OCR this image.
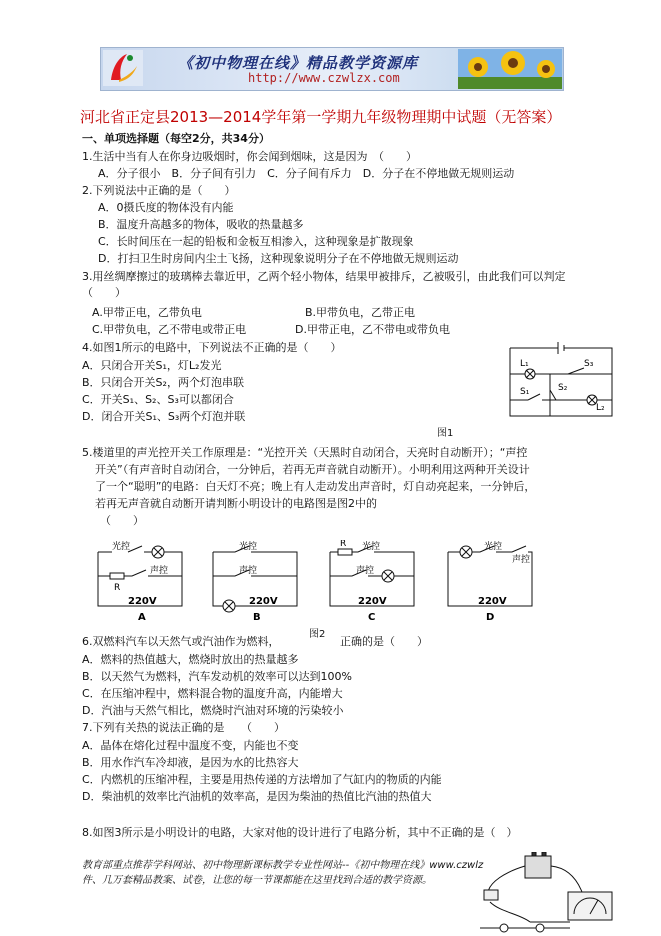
《初中物理在线》精品教学资源库
http://www.czwlzx.com
河北省正定县2013—2014学年第一学期九年级物理期中试题（无答案）
一、单项选择题（每空2分，共34分）
1.生活中当有人在你身边吸烟时，你会闻到烟味，这是因为　（　　）
A．分子很小　B．分子间有引力　C．分子间有斥力　D．分子在不停地做无规则运动
2.下列说法中正确的是（　　）
A．0摄氏度的物体没有内能
B．温度升高越多的物体，吸收的热量越多
C．长时间压在一起的铅板和金板互相渗入，这种现象是扩散现象
D．打扫卫生时房间内尘土飞扬，这种现象说明分子在不停地做无规则运动
3.用丝绸摩擦过的玻璃棒去靠近甲，乙两个轻小物体，结果甲被排斥，乙被吸引，由此我们可以判定
（　　）
A.甲带正电，乙带负电	B.甲带负电，乙带正电
C.甲带负电，乙不带电或带正电	D.甲带正电，乙不带电或带负电
4.如图1所示的电路中，下列说法不正确的是（　　）
A．只闭合开关S₁，灯L₂发光
B．只闭合开关S₂，两个灯泡串联
C．开关S₁、S₂、S₃可以都闭合
D．闭合开关S₁、S₃两个灯泡并联
L₁	S₃
S₂
S₁
L₂
图1
5.楼道里的声光控开关工作原理是：“光控开关（天黑时自动闭合，天亮时自动断开）；“声控
开关”（有声音时自动闭合，一分钟后，若再无声音就自动断开）。小明利用这两种开关设计
了一个“聪明”的电路：白天灯不亮；晚上有人走动发出声音时，灯自动亮起来，一分钟后，
若再无声音就自动断开请判断小明设计的电路图是图2中的
（　　）
光控
声控
R
220V
A
光控
声控
220V
B
R 光控
声控
220V
C
光控
声控
220V
D
图2
6.双燃料汽车以天然气或汽油作为燃料，	正确的是（　　）
A．燃料的热值越大，燃烧时放出的热量越多
B．以天然气为燃料，汽车发动机的效率可以达到100%
C．在压缩冲程中，燃料混合物的温度升高，内能增大
D．汽油与天然气相比，燃烧时汽油对环境的污染较小
7.下列有关热的说法正确的是　　（　　）
A．晶体在熔化过程中温度不变，内能也不变
B．用水作汽车冷却液，是因为水的比热容大
C．内燃机的压缩冲程，主要是用热传递的方法增加了气缸内的物质的内能
D．柴油机的效率比汽油机的效率高，是因为柴油的热值比汽油的热值大
8.如图3所示是小明设计的电路，大家对他的设计进行了电路分析，其中不正确的是（　）
教育部重点推荐学科网站、初中物理新课标教学专业性网站--《初中物理在线》www.czwlz
件、几万套精品教案、试卷，让您的每一节课都能在这里找到合适的教学资源。
